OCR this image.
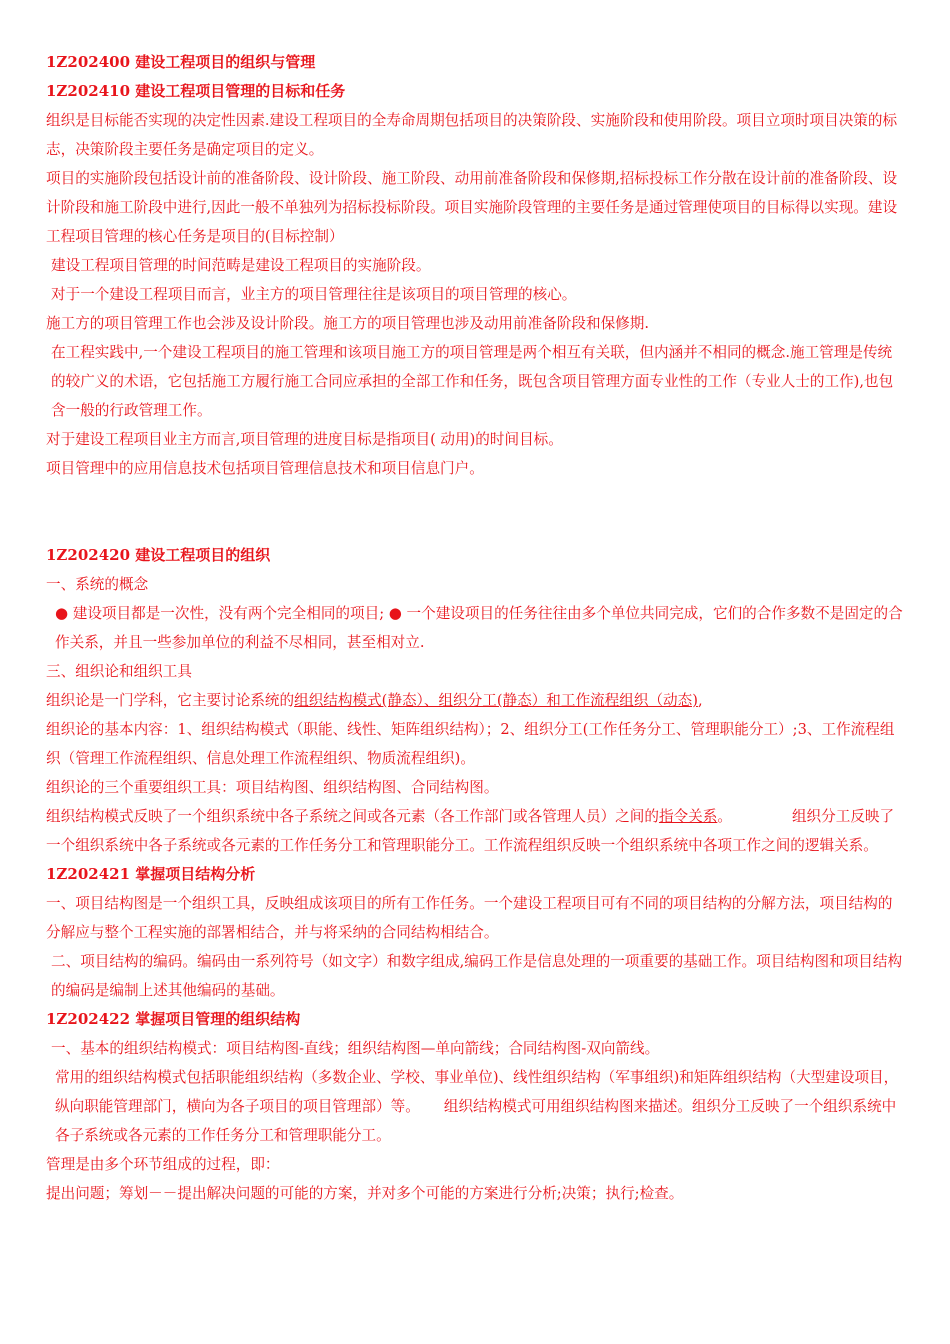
1Z202400 建设工程项目的组织与管理

1Z202410 建设工程项目管理的目标和任务

组织是目标能否实现的决定性因素.建设工程项目的全寿命周期包括项目的决策阶段、实施阶段和使用阶段。项目立项时项目决策的标志，决策阶段主要任务是确定项目的定义。

项目的实施阶段包括设计前的准备阶段、设计阶段、施工阶段、动用前准备阶段和保修期,招标投标工作分散在设计前的准备阶段、设计阶段和施工阶段中进行,因此一般不单独列为招标投标阶段。项目实施阶段管理的主要任务是通过管理使项目的目标得以实现。建设工程项目管理的核心任务是项目的(目标控制）

建设工程项目管理的时间范畴是建设工程项目的实施阶段。

对于一个建设工程项目而言，业主方的项目管理往往是该项目的项目管理的核心。

施工方的项目管理工作也会涉及设计阶段。施工方的项目管理也涉及动用前准备阶段和保修期.

在工程实践中,一个建设工程项目的施工管理和该项目施工方的项目管理是两个相互有关联，但内涵并不相同的概念.施工管理是传统的较广义的术语，它包括施工方履行施工合同应承担的全部工作和任务，既包含项目管理方面专业性的工作（专业人士的工作),也包含一般的行政管理工作。

对于建设工程项目业主方而言,项目管理的进度目标是指项目( 动用)的时间目标。

项目管理中的应用信息技术包括项目管理信息技术和项目信息门户。

1Z202420 建设工程项目的组织

一、系统的概念

● 建设项目都是一次性，没有两个完全相同的项目; ● 一个建设项目的任务往往由多个单位共同完成，它们的合作多数不是固定的合作关系，并且一些参加单位的利益不尽相同，甚至相对立.

三、组织论和组织工具

组织论是一门学科，它主要讨论系统的组织结构模式(静态）、组织分工(静态）和工作流程组织（动态),

组织论的基本内容：1、组织结构模式（职能、线性、矩阵组织结构）；2、组织分工(工作任务分工、管理职能分工）;3、工作流程组织（管理工作流程组织、信息处理工作流程组织、物质流程组织)。

组织论的三个重要组织工具：项目结构图、组织结构图、合同结构图。

组织结构模式反映了一个组织系统中各子系统之间或各元素（各工作部门或各管理人员）之间的指令关系。	组织分工反映了一个组织系统中各子系统或各元素的工作任务分工和管理职能分工。工作流程组织反映一个组织系统中各项工作之间的逻辑关系。

1Z202421 掌握项目结构分析

一、项目结构图是一个组织工具，反映组成该项目的所有工作任务。一个建设工程项目可有不同的项目结构的分解方法，项目结构的分解应与整个工程实施的部署相结合，并与将采纳的合同结构相结合。

二、项目结构的编码。编码由一系列符号（如文字）和数字组成,编码工作是信息处理的一项重要的基础工作。项目结构图和项目结构的编码是编制上述其他编码的基础。

1Z202422 掌握项目管理的组织结构

一、基本的组织结构模式：项目结构图-直线；组织结构图—单向箭线；合同结构图-双向箭线。

常用的组织结构模式包括职能组织结构（多数企业、学校、事业单位)、线性组织结构（军事组织)和矩阵组织结构（大型建设项目，纵向职能管理部门，横向为各子项目的项目管理部）等。 组织结构模式可用组织结构图来描述。组织分工反映了一个组织系统中各子系统或各元素的工作任务分工和管理职能分工。

管理是由多个环节组成的过程，即：

提出问题；筹划－－提出解决问题的可能的方案，并对多个可能的方案进行分析;决策；执行;检查。
